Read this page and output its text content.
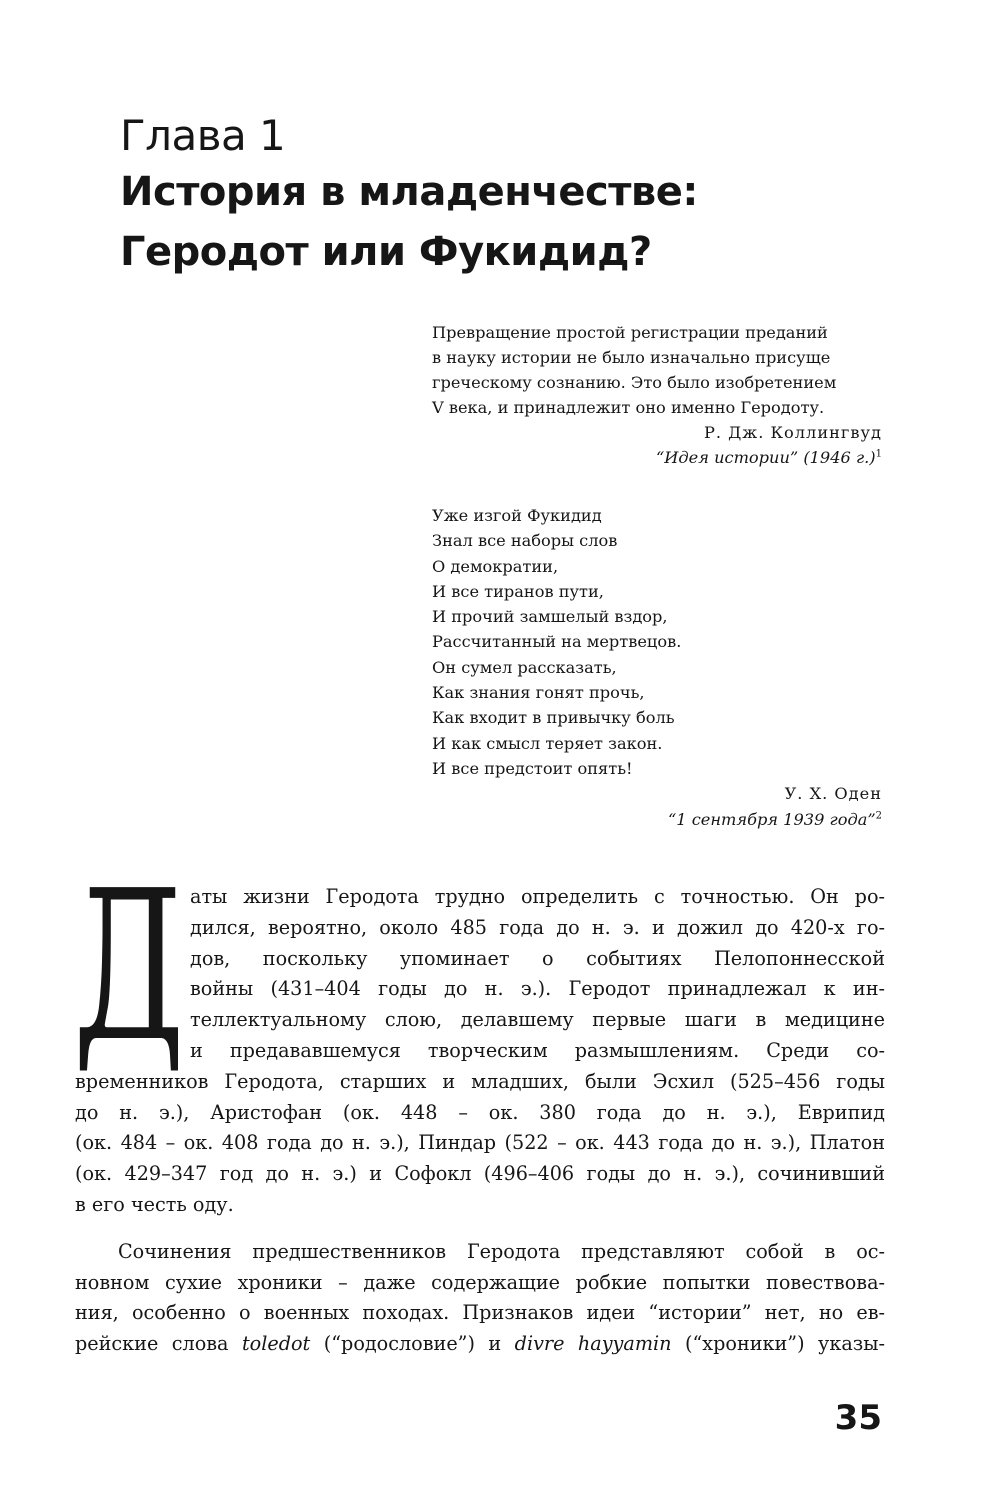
Глава 1
История в младенчестве:
Геродот или Фукидид?

Превращение простой регистрации преданий
в науку истории не было изначально присуще
греческому сознанию. Это было изобретением
V века, и принадлежит оно именно Геродоту.

Р. Дж. Коллингвуд

“Идея истории” (1946 г.)$^1$

Уже изгой Фукидид
Знал все наборы слов
О демократии,
И все тиранов пути,
И прочий замшелый вздор,
Рассчитанный на мертвецов.
Он сумел рассказать,
Как знания гонят прочь,
Как входит в привычку боль
И как смысл теряет закон.
И все предстоит опять!

У. Х. Оден

“1 сентября 1939 года”$^2$

Д аты жизни Геродота трудно определить с точностью. Он ро-
дился, вероятно, около 485 года до н. э. и дожил до 420-х го-
дов, поскольку упоминает о событиях Пелопоннесской
войны (431–404 годы до н. э.). Геродот принадлежал к ин-
теллектуальному слою, делавшему первые шаги в медицине
и предававшемуся творческим размышлениям. Среди со-
временников Геродота, старших и младших, были Эсхил (525–456 годы
до н. э.), Аристофан (ок. 448 – ок. 380 года до н. э.), Еврипид
(ок. 484 – ок. 408 года до н. э.), Пиндар (522 – ок. 443 года до н. э.), Платон
(ок. 429–347 год до н. э.) и Софокл (496–406 годы до н. э.), сочинивший
в его честь оду.
Сочинения предшественников Геродота представляют собой в ос-
новном сухие хроники – даже содержащие робкие попытки повествова-
ния, особенно о военных походах. Признаков идеи “истории” нет, но ев-
рейские слова toledot (“родословие”) и divre hayyamin (“хроники”) указы-

35
